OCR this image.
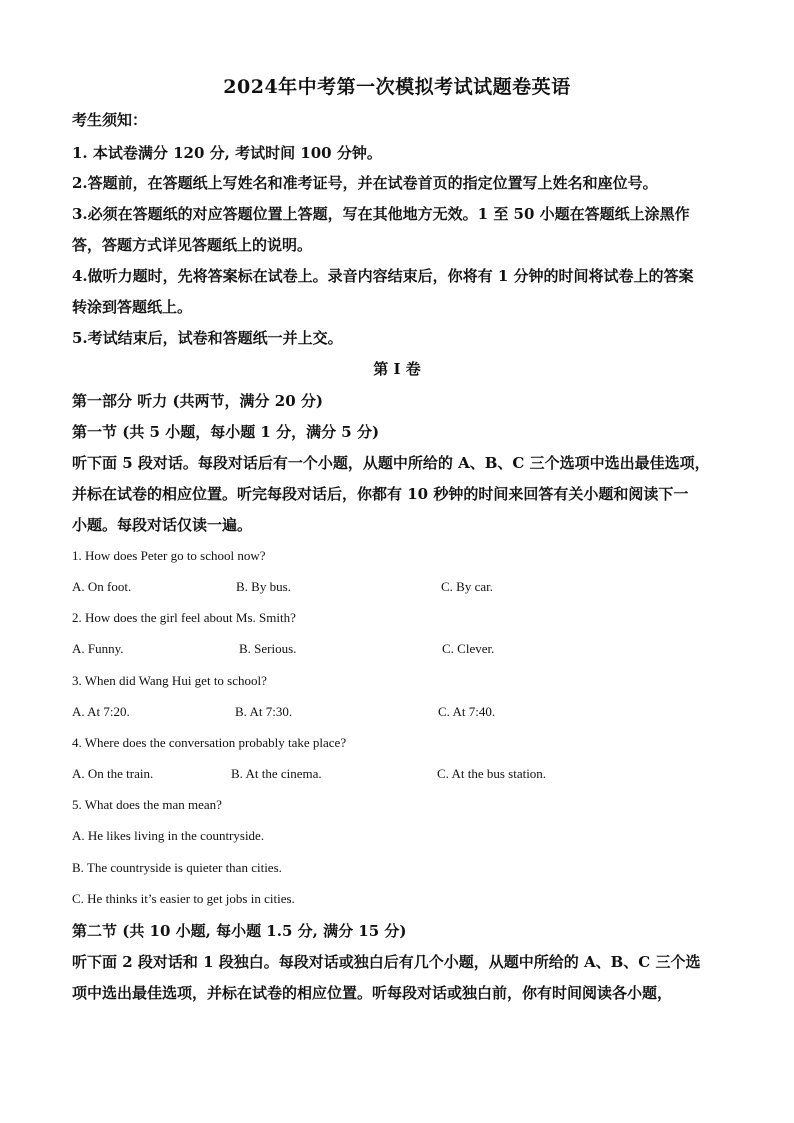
2024年中考第一次模拟考试试题卷英语
考生须知：
1. 本试卷满分 120 分, 考试时间 100 分钟。
2.答题前，在答题纸上写姓名和准考证号，并在试卷首页的指定位置写上姓名和座位号。
3.必须在答题纸的对应答题位置上答题，写在其他地方无效。1 至 50 小题在答题纸上涂黑作
答，答题方式详见答题纸上的说明。
4.做听力题时，先将答案标在试卷上。录音内容结束后，你将有 1 分钟的时间将试卷上的答案
转涂到答题纸上。
5.考试结束后，试卷和答题纸一并上交。
第 I 卷
第一部分 听力 (共两节，满分 20 分)
第一节 (共 5 小题，每小题 1 分，满分 5 分)
听下面 5 段对话。每段对话后有一个小题，从题中所给的 A、B、C 三个选项中选出最佳选项，
并标在试卷的相应位置。听完每段对话后，你都有 10 秒钟的时间来回答有关小题和阅读下一
小题。每段对话仅读一遍。
1. How does Peter go to school now?
A. On foot.	B. By bus.	C. By car.
2. How does the girl feel about Ms. Smith?
A. Funny.	B. Serious.	C. Clever.
3. When did Wang Hui get to school?
A. At 7:20.	B. At 7:30.	C. At 7:40.
4. Where does the conversation probably take place?
A. On the train.	B. At the cinema.	C. At the bus station.
5. What does the man mean?
A. He likes living in the countryside.
B. The countryside is quieter than cities.
C. He thinks it’s easier to get jobs in cities.
第二节 (共 10 小题, 每小题 1.5 分, 满分 15 分)
听下面 2 段对话和 1 段独白。每段对话或独白后有几个小题，从题中所给的 A、B、C 三个选
项中选出最佳选项，并标在试卷的相应位置。听每段对话或独白前，你有时间阅读各小题，
